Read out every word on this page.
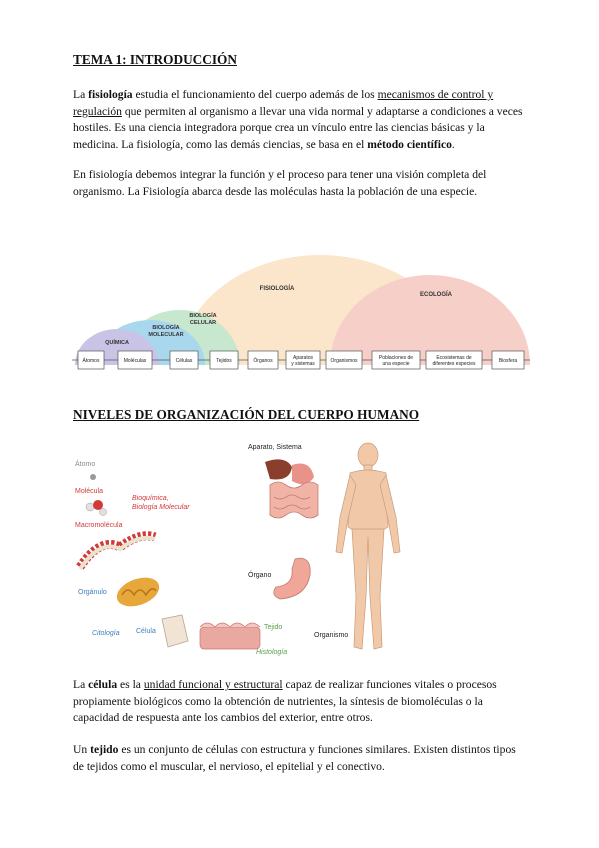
TEMA 1: INTRODUCCIÓN

La fisiología estudia el funcionamiento del cuerpo además de los mecanismos de control y regulación que permiten al organismo a llevar una vida normal y adaptarse a condiciones a veces hostiles. Es una ciencia integradora porque crea un vínculo entre las ciencias básicas y la medicina. La fisiología, como las demás ciencias, se basa en el método científico.

En fisiología debemos integrar la función y el proceso para tener una visión completa del organismo. La Fisiología abarca desde las moléculas hasta la población de una especie.

QUÍMICA
BIOLOGÍA
MOLECULAR
BIOLOGÍA
CELULAR
FISIOLOGÍA
ECOLOGÍA
Átomos	Moléculas	Células	Tejidos	Órganos	Aparatos
y sistemas	Organismos	Poblaciones de
una especie
Ecosistemas de
diferentes especies	Biosfera
NIVELES DE ORGANIZACIÓN DEL CUERPO HUMANO
Átomo
Molécula
Bioquímica,
Biología Molecular
Macromolécula
Orgánulo
Citología Célula
Tejido
Histología
Aparato, Sistema
Órgano
Organismo

La célula es la unidad funcional y estructural capaz de realizar funciones vitales o procesos propiamente biológicos como la obtención de nutrientes, la síntesis de biomoléculas o la capacidad de respuesta ante los cambios del exterior, entre otros.

Un tejido es un conjunto de células con estructura y funciones similares. Existen distintos tipos de tejidos como el muscular, el nervioso, el epitelial y el conectivo.
